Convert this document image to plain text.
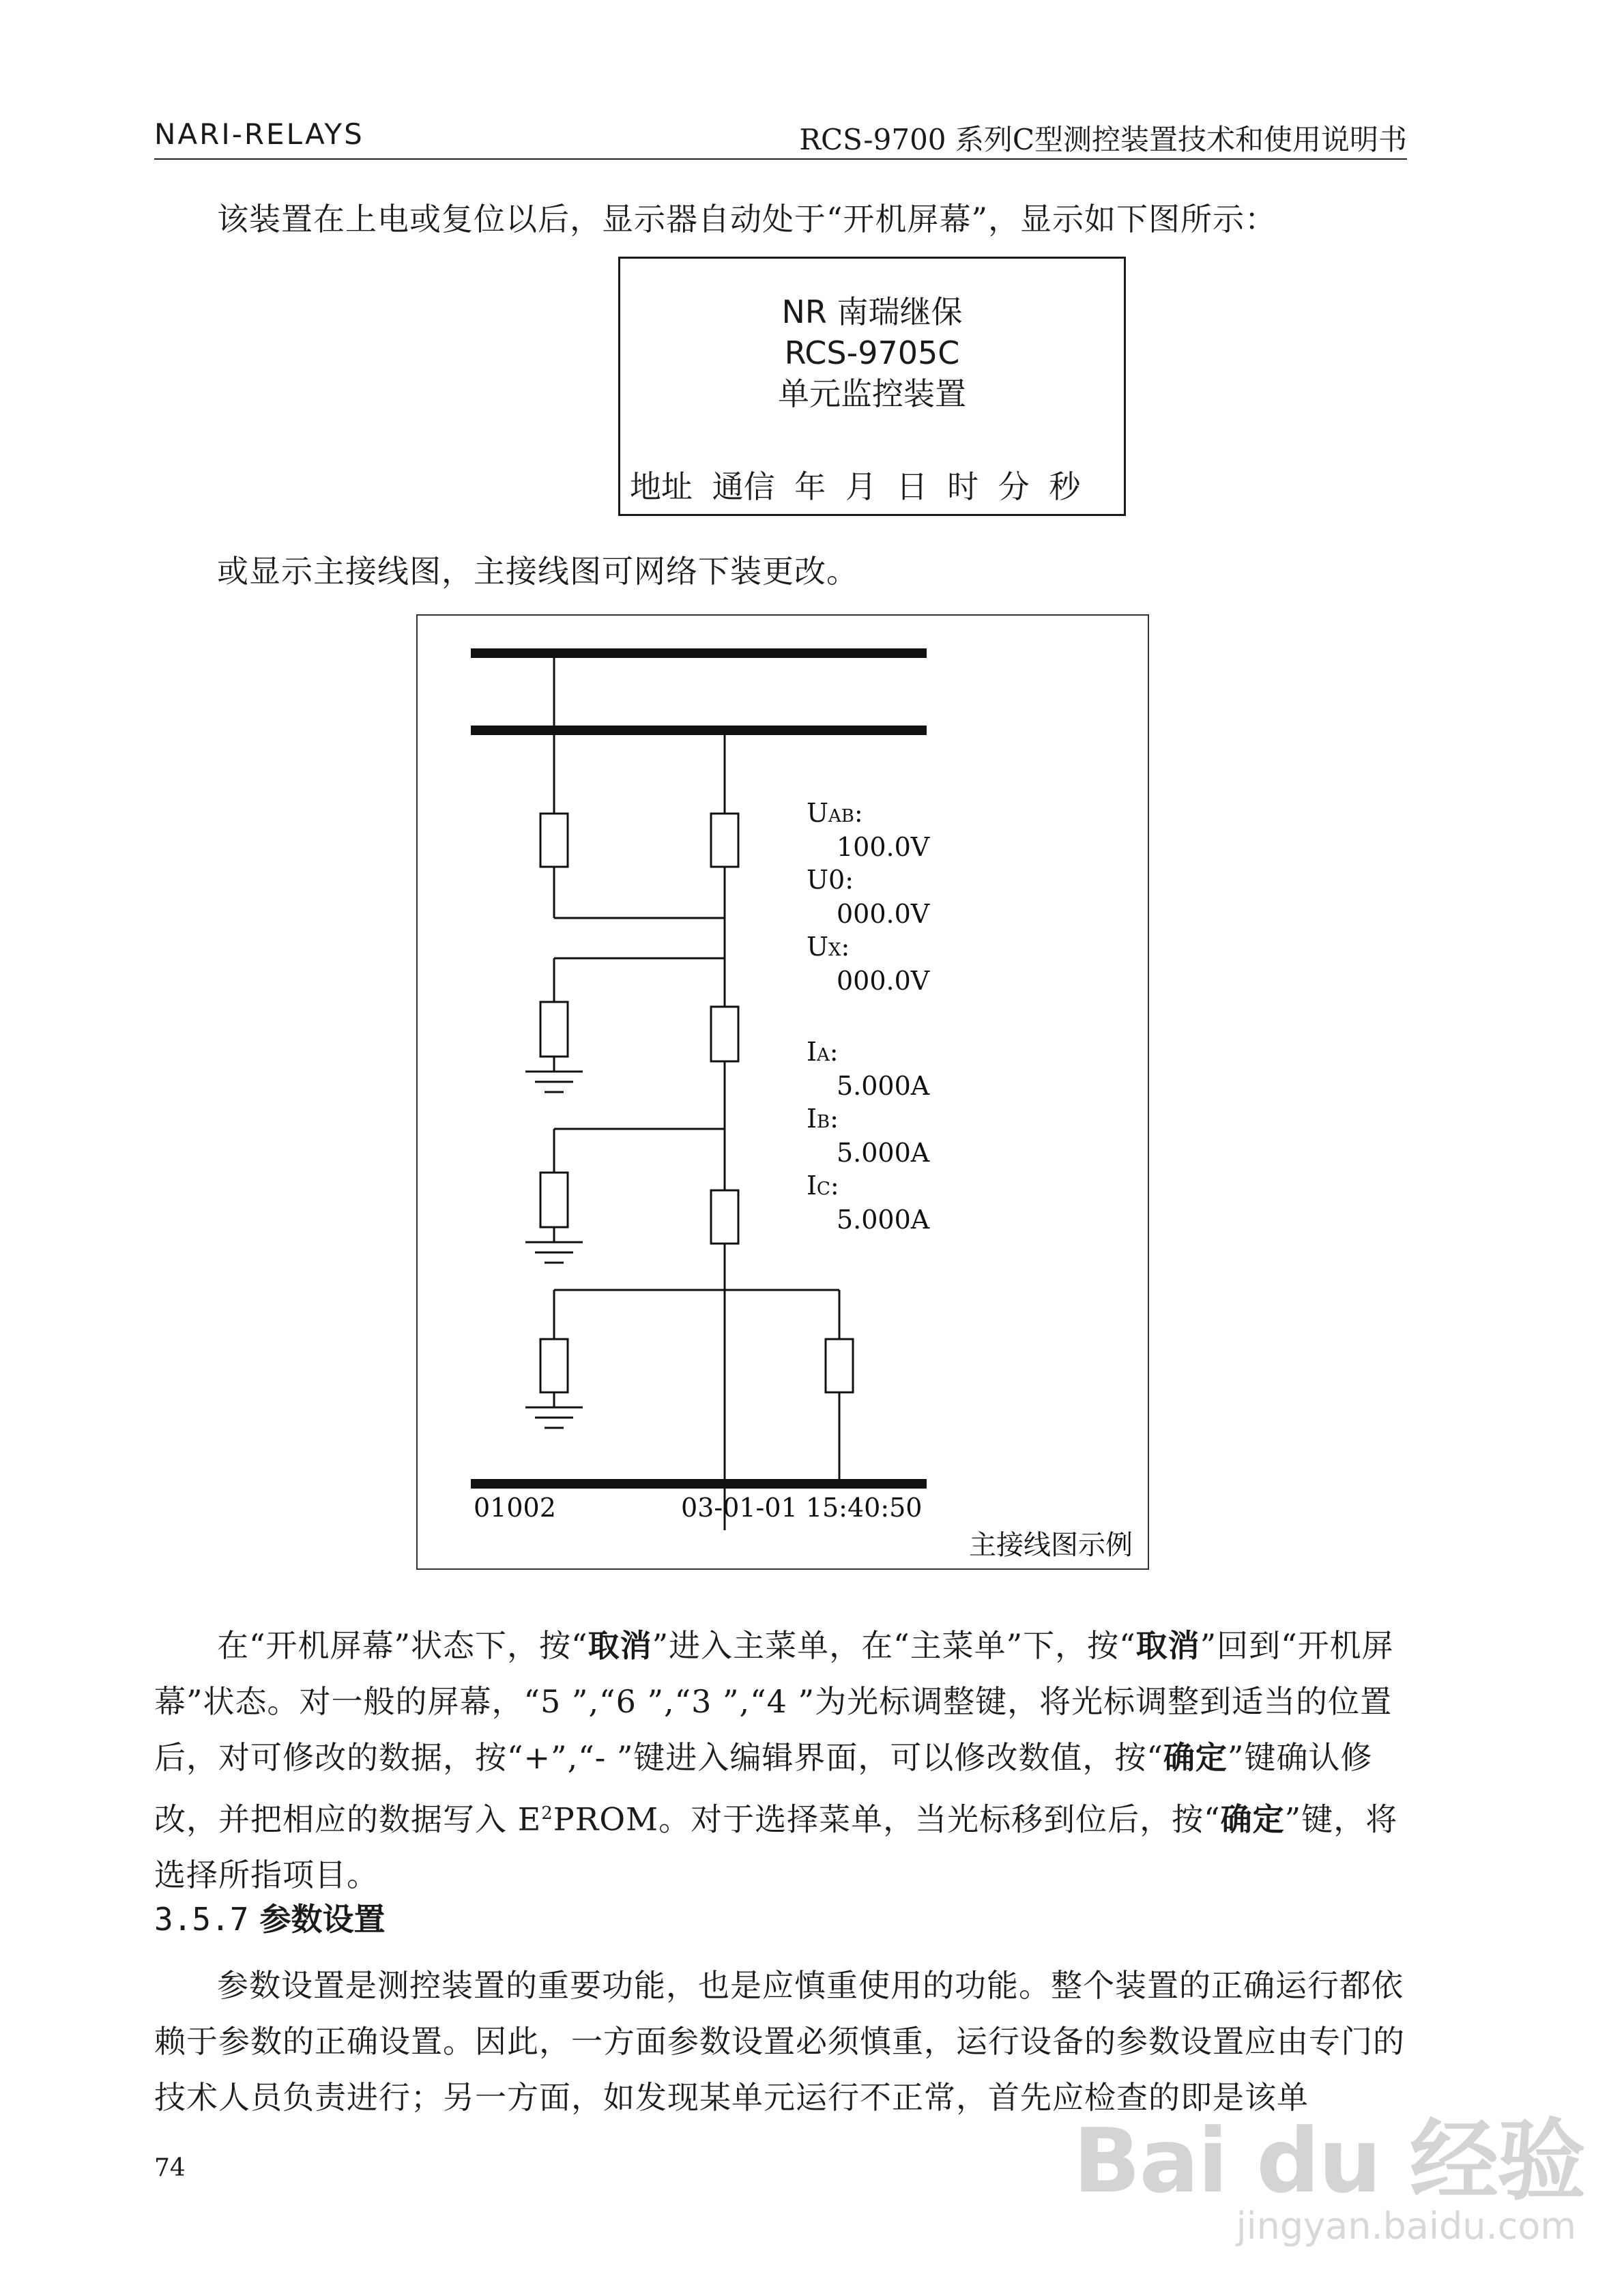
NARI-RELAYS	RCS-9700 系列C型测控装置技术和使用说明书
该装置在上电或复位以后，显示器自动处于“开机屏幕”，显示如下图所示：
NR 南瑞继保
RCS-9705C
单元监控装置
地址 通信 年 月 日 时 分 秒
或显示主接线图，主接线图可网络下装更改。
UAB:
100.0V
U0:
000.0V
UX:
000.0V
IA:
5.000A
IB:
5.000A
IC:
5.000A
01002	03-01-01 15:40:50
主接线图示例
在“开机屏幕”状态下，按“取消”进入主菜单，在“主菜单”下，按“取消”回到“开机屏幕”状态。对一般的屏幕，“5 ”,“6 ”,“3 ”,“4 ”为光标调整键，将光标调整到适当的位置后，对可修改的数据，按“+”,“- ”键进入编辑界面，可以修改数值，按“确定”键确认修改，并把相应的数据写入 $E^2PROM$。对于选择菜单，当光标移到位后，按“确定”键，将选择所指项目。
3.5.7 参数设置
参数设置是测控装置的重要功能，也是应慎重使用的功能。整个装置的正确运行都依赖于参数的正确设置。因此，一方面参数设置必须慎重，运行设备的参数设置应由专门的技术人员负责进行；另一方面，如发现某单元运行不正常，首先应检查的即是该单
74	Bai du 经验
jingyan.baidu.com
